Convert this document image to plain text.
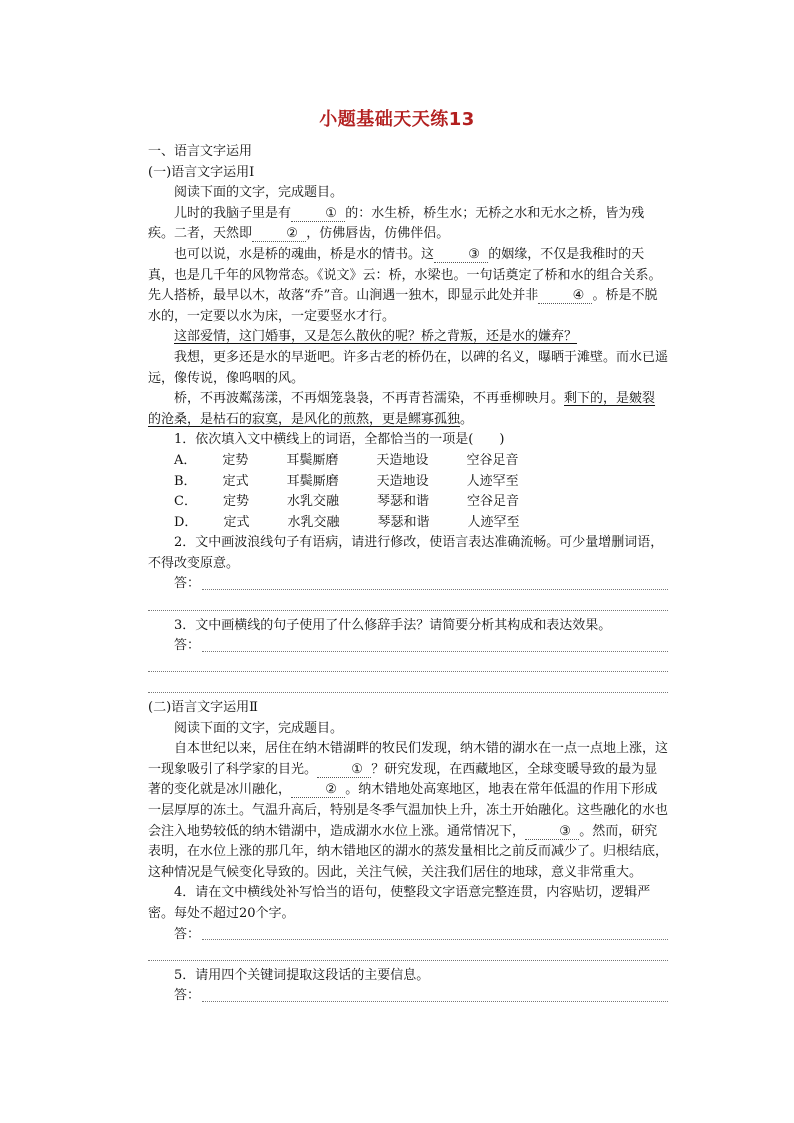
小题基础天天练13

一、语言文字运用

(一)语言文字运用Ⅰ

阅读下面的文字，完成题目。

儿时的我脑子里是有	① 的：水生桥，桥生水；无桥之水和无水之桥，皆为残疾。二者，天然即	② ，仿佛唇齿，仿佛伴侣。

也可以说，水是桥的魂曲，桥是水的情书。这	③ 的姻缘，不仅是我稚时的天真，也是几千年的风物常态。《说文》云：桥，水梁也。一句话奠定了桥和水的组合关系。先人搭桥，最早以木，故落“乔”音。山涧遇一独木，即显示此处并非	④ 。桥是不脱水的，一定要以水为床，一定要竖水才行。

这部爱情，这门婚事，又是怎么散伙的呢？桥之背叛，还是水的嫌弃？

我想，更多还是水的早逝吧。许多古老的桥仍在，以碑的名义，曝晒于滩壁。而水已遥远，像传说，像呜咽的风。

桥，不再波粼荡漾，不再烟笼袅袅，不再青苔濡染，不再垂柳映月。剩下的，是皴裂的沧桑，是枯石的寂寞，是风化的煎熬，更是鳏寡孤独。

1．依次填入文中横线上的词语，全都恰当的一项是(　　)

A． 定势	耳鬓厮磨	天造地设	空谷足音

B． 定式	耳鬓厮磨	天造地设	人迹罕至

C． 定势	水乳交融	琴瑟和谐	空谷足音

D． 定式	水乳交融	琴瑟和谐	人迹罕至

2．文中画波浪线句子有语病，请进行修改，使语言表达准确流畅。可少量增删词语，不得改变原意。

答：

3．文中画横线的句子使用了什么修辞手法？请简要分析其构成和表达效果。

答：

(二)语言文字运用Ⅱ

阅读下面的文字，完成题目。

自本世纪以来，居住在纳木错湖畔的牧民们发现，纳木错的湖水在一点一点地上涨，这一现象吸引了科学家的目光。	① ？研究发现，在西藏地区，全球变暖导致的最为显著的变化就是冰川融化，	② 。纳木错地处高寒地区，地表在常年低温的作用下形成一层厚厚的冻土。气温升高后，特别是冬季气温加快上升，冻土开始融化。这些融化的水也会注入地势较低的纳木错湖中，造成湖水水位上涨。通常情况下，	③ 。然而，研究表明，在水位上涨的那几年，纳木错地区的湖水的蒸发量相比之前反而减少了。归根结底，这种情况是气候变化导致的。因此，关注气候，关注我们居住的地球，意义非常重大。

4．请在文中横线处补写恰当的语句，使整段文字语意完整连贯，内容贴切，逻辑严密。每处不超过20个字。

答：

5．请用四个关键词提取这段话的主要信息。

答：
